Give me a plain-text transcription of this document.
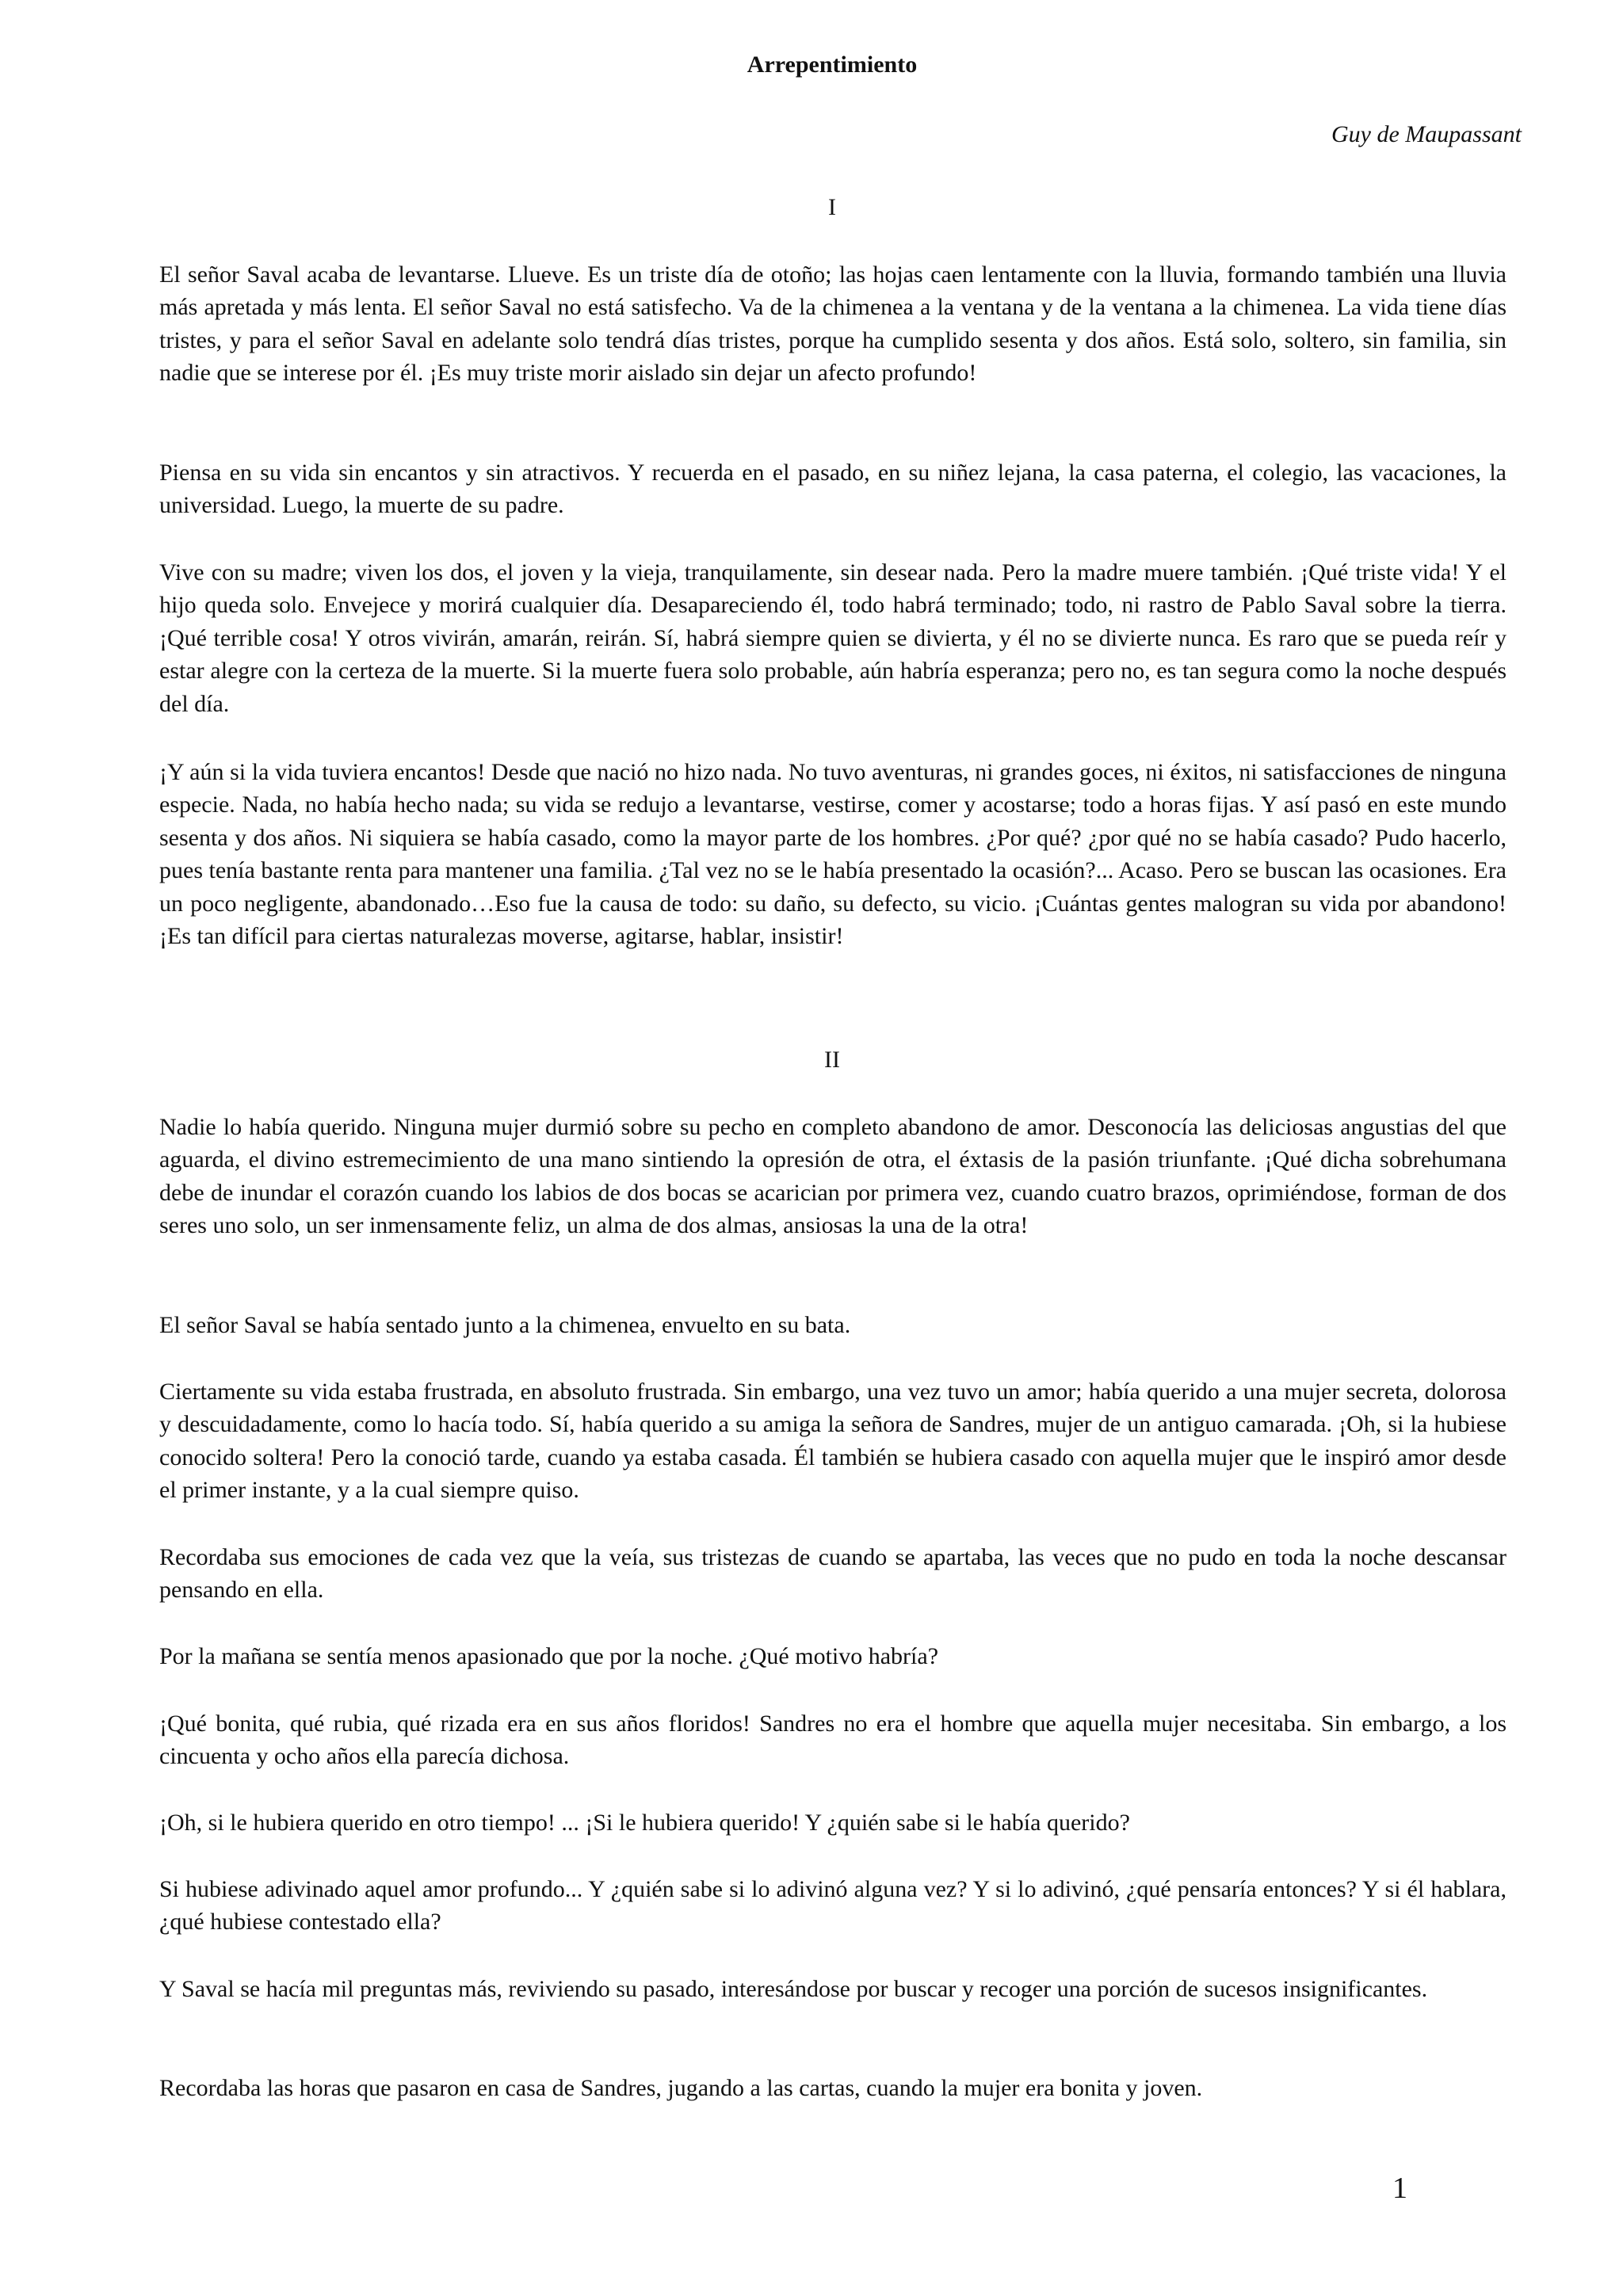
Arrepentimiento

Guy de Maupassant

I

El señor Saval acaba de levantarse. Llueve. Es un triste día de otoño; las hojas caen lentamente con la lluvia, formando también una lluvia más apretada y más lenta. El señor Saval no está satisfecho. Va de la chimenea a la ventana y de la ventana a la chimenea. La vida tiene días tristes, y para el señor Saval en adelante solo tendrá días tristes, porque ha cumplido sesenta y dos años. Está solo, soltero, sin familia, sin nadie que se interese por él. ¡Es muy triste morir aislado sin dejar un afecto profundo!

Piensa en su vida sin encantos y sin atractivos. Y recuerda en el pasado, en su niñez lejana, la casa paterna, el colegio, las vacaciones, la universidad. Luego, la muerte de su padre.

Vive con su madre; viven los dos, el joven y la vieja, tranquilamente, sin desear nada. Pero la madre muere también. ¡Qué triste vida! Y el hijo queda solo. Envejece y morirá cualquier día. Desapareciendo él, todo habrá terminado; todo, ni rastro de Pablo Saval sobre la tierra. ¡Qué terrible cosa! Y otros vivirán, amarán, reirán. Sí, habrá siempre quien se divierta, y él no se divierte nunca. Es raro que se pueda reír y estar alegre con la certeza de la muerte. Si la muerte fuera solo probable, aún habría esperanza; pero no, es tan segura como la noche después del día.

¡Y aún si la vida tuviera encantos! Desde que nació no hizo nada. No tuvo aventuras, ni grandes goces, ni éxitos, ni satisfacciones de ninguna especie. Nada, no había hecho nada; su vida se redujo a levantarse, vestirse, comer y acostarse; todo a horas fijas. Y así pasó en este mundo sesenta y dos años. Ni siquiera se había casado, como la mayor parte de los hombres. ¿Por qué? ¿por qué no se había casado? Pudo hacerlo, pues tenía bastante renta para mantener una familia. ¿Tal vez no se le había presentado la ocasión?... Acaso. Pero se buscan las ocasiones. Era un poco negligente, abandonado…Eso fue la causa de todo: su daño, su defecto, su vicio. ¡Cuántas gentes malogran su vida por abandono! ¡Es tan difícil para ciertas naturalezas moverse, agitarse, hablar, insistir!

II

Nadie lo había querido. Ninguna mujer durmió sobre su pecho en completo abandono de amor. Desconocía las deliciosas angustias del que aguarda, el divino estremecimiento de una mano sintiendo la opresión de otra, el éxtasis de la pasión triunfante. ¡Qué dicha sobrehumana debe de inundar el corazón cuando los labios de dos bocas se acarician por primera vez, cuando cuatro brazos, oprimiéndose, forman de dos seres uno solo, un ser inmensamente feliz, un alma de dos almas, ansiosas la una de la otra!

El señor Saval se había sentado junto a la chimenea, envuelto en su bata.

Ciertamente su vida estaba frustrada, en absoluto frustrada. Sin embargo, una vez tuvo un amor; había querido a una mujer secreta, dolorosa y descuidadamente, como lo hacía todo. Sí, había querido a su amiga la señora de Sandres, mujer de un antiguo camarada. ¡Oh, si la hubiese conocido soltera! Pero la conoció tarde, cuando ya estaba casada. Él también se hubiera casado con aquella mujer que le inspiró amor desde el primer instante, y a la cual siempre quiso.

Recordaba sus emociones de cada vez que la veía, sus tristezas de cuando se apartaba, las veces que no pudo en toda la noche descansar pensando en ella.

Por la mañana se sentía menos apasionado que por la noche. ¿Qué motivo habría?

¡Qué bonita, qué rubia, qué rizada era en sus años floridos! Sandres no era el hombre que aquella mujer necesitaba. Sin embargo, a los cincuenta y ocho años ella parecía dichosa.

¡Oh, si le hubiera querido en otro tiempo! ... ¡Si le hubiera querido! Y ¿quién sabe si le había querido?

Si hubiese adivinado aquel amor profundo... Y ¿quién sabe si lo adivinó alguna vez? Y si lo adivinó, ¿qué pensaría entonces? Y si él hablara, ¿qué hubiese contestado ella?

Y Saval se hacía mil preguntas más, reviviendo su pasado, interesándose por buscar y recoger una porción de sucesos insignificantes.

Recordaba las horas que pasaron en casa de Sandres, jugando a las cartas, cuando la mujer era bonita y joven.

1
